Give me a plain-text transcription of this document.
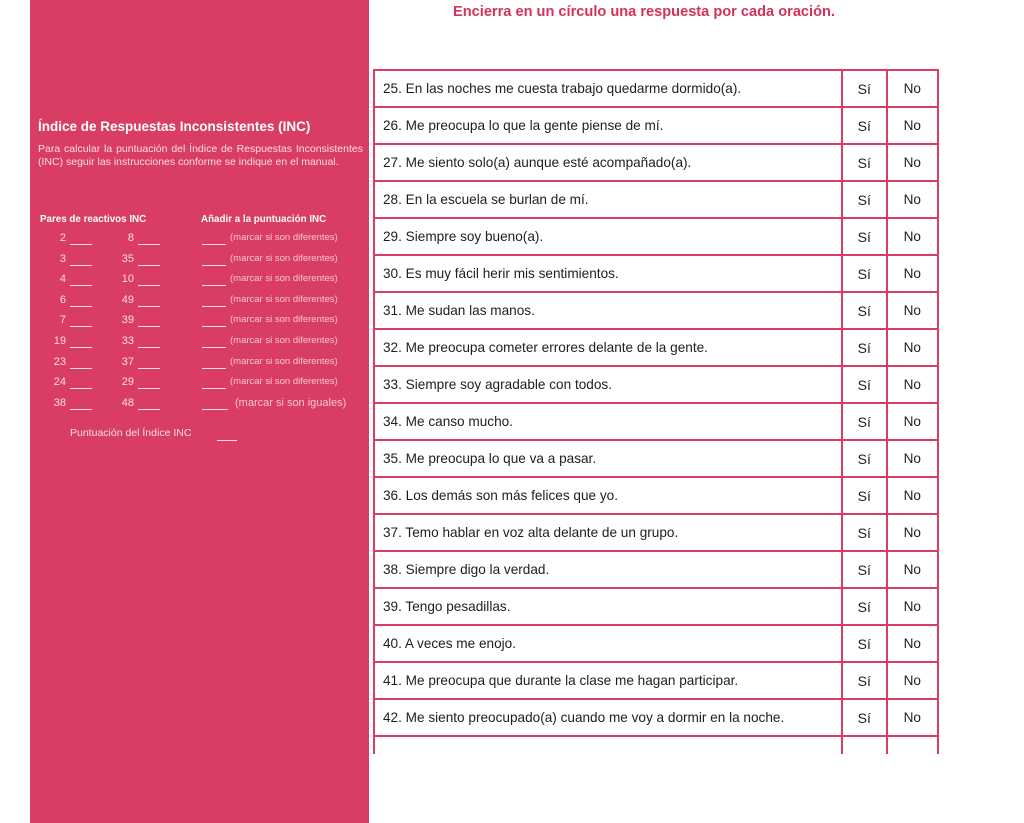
Índice de Respuestas Inconsistentes (INC)
Para calcular la puntuación del Índice de Respuestas Inconsistentes (INC) seguir las instrucciones conforme se indique en el manual.
Pares de reactivos INC	Añadir a la puntuación INC
2	8	(marcar si son diferentes)
3	35	(marcar si son diferentes)
4	10	(marcar si son diferentes)
6	49	(marcar si son diferentes)
7	39	(marcar si son diferentes)
19	33	(marcar si son diferentes)
23	37	(marcar si son diferentes)
24	29	(marcar si son diferentes)
38	48	(marcar si son iguales)
Puntuación del Índice INC
Encierra en un círculo una respuesta por cada oración.
25. En las noches me cuesta trabajo quedarme dormido(a).	Sí	No
26. Me preocupa lo que la gente piense de mí.	Sí	No
27. Me siento solo(a) aunque esté acompañado(a).	Sí	No
28. En la escuela se burlan de mí.	Sí	No
29. Siempre soy bueno(a).	Sí	No
30. Es muy fácil herir mis sentimientos.	Sí	No
31. Me sudan las manos.	Sí	No
32. Me preocupa cometer errores delante de la gente.	Sí	No
33. Siempre soy agradable con todos.	Sí	No
34. Me canso mucho.	Sí	No
35. Me preocupa lo que va a pasar.	Sí	No
36. Los demás son más felices que yo.	Sí	No
37. Temo hablar en voz alta delante de un grupo.	Sí	No
38. Siempre digo la verdad.	Sí	No
39. Tengo pesadillas.	Sí	No
40. A veces me enojo.	Sí	No
41. Me preocupa que durante la clase me hagan participar.	Sí	No
42. Me siento preocupado(a) cuando me voy a dormir en la noche.	Sí	No
